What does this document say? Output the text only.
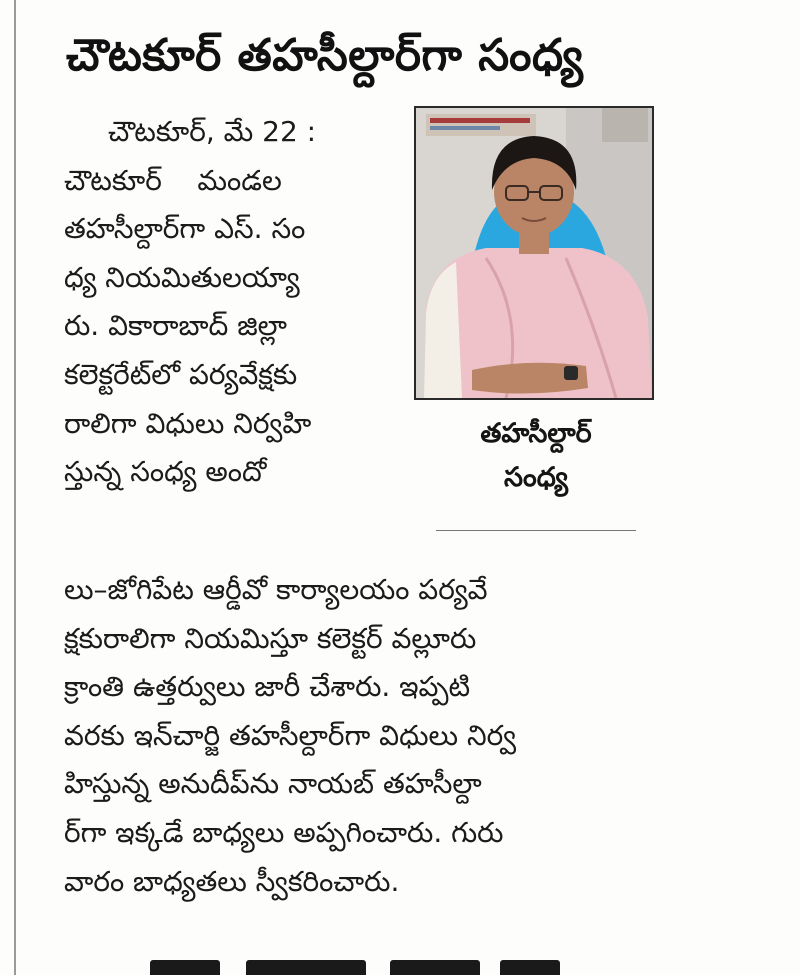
చౌటకూర్ తహసీల్దార్‌గా సంధ్య
చౌటకూర్, మే 22 :
చౌటకూర్    మండల
తహసీల్దార్‌గా ఎస్. సం
ధ్య నియమితులయ్యా
రు. వికారాబాద్ జిల్లా
కలెక్టరేట్‌లో పర్యవేక్షకు
రాలిగా విధులు నిర్వహి
స్తున్న సంధ్య అందో
తహసీల్దార్
సంధ్య
లు–జోగిపేట ఆర్డీవో కార్యాలయం పర్యవే
క్షకురాలిగా నియమిస్తూ కలెక్టర్ వల్లూరు
క్రాంతి ఉత్తర్వులు జారీ చేశారు. ఇప్పటి
వరకు ఇన్‌చార్జి తహసీల్దార్‌గా విధులు నిర్వ
హిస్తున్న అనుదీప్‌ను నాయబ్ తహసీల్దా
ర్‌గా ఇక్కడే బాధ్యలు అప్పగించారు. గురు
వారం బాధ్యతలు స్వీకరించారు.
